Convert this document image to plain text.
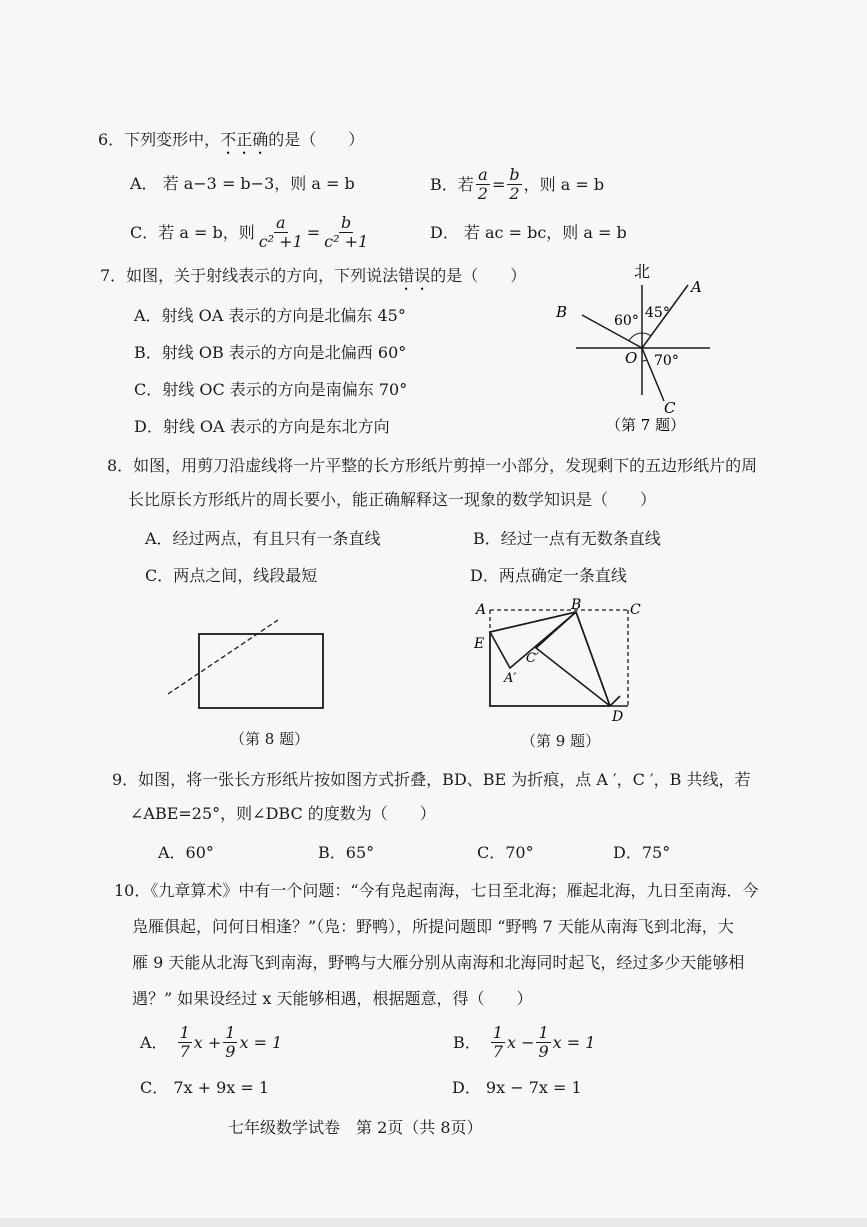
6．下列变形中，不正确的是（　　）
A． 若 a−3 = b−3，则 a = b	B． 若 $\frac{a}{2} = \frac{b}{2}$ ，则 a = b
C． 若 a = b，则 $\frac{a}{\text{c² +1}} = \frac{b}{\text{c² +1}}$	D． 若 ac = bc，则 a = b
7．如图，关于射线表示的方向，下列说法错误的是（　　）
A．射线 OA 表示的方向是北偏东 45°
B．射线 OB 表示的方向是北偏西 60°
C．射线 OC 表示的方向是南偏东 70°
D．射线 OA 表示的方向是东北方向
北
A
B
C
O
60° 45°
70°
（第 7 题）
8．如图，用剪刀沿虚线将一片平整的长方形纸片剪掉一小部分，发现剩下的五边形纸片的周
长比原长方形纸片的周长要小，能正确解释这一现象的数学知识是（　　）
A．经过两点，有且只有一条直线	B．经过一点有无数条直线
C．两点之间，线段最短	D．两点确定一条直线
（第 8 题）
A	B	C
D
E
A′
C′
（第 9 题）
9．如图，将一张长方形纸片按如图方式折叠，BD、BE 为折痕，点 A ′，C ′，B 共线，若
∠ABE=25°，则∠DBC 的度数为（　　）
A．60°	B．65°	C．70°	D．75°
10．《九章算术》中有一个问题：“今有凫起南海，七日至北海；雁起北海，九日至南海．今
凫雁俱起，问何日相逢？”（凫：野鸭），所提问题即 “野鸭 7 天能从南海飞到北海，大
雁 9 天能从北海飞到南海，野鸭与大雁分别从南海和北海同时起飞，经过多少天能够相
遇？” 如果设经过 x 天能够相遇，根据题意，得（　　）
A． $\frac{1}{7}$ $x + \frac{1}{9}$ x = 1	B． $\frac{1}{7}$ $x - \frac{1}{9}$ x = 1
C． 7x + 9x = 1	D． 9x − 7x = 1
七年级数学试卷　第 2页（共 8页）
